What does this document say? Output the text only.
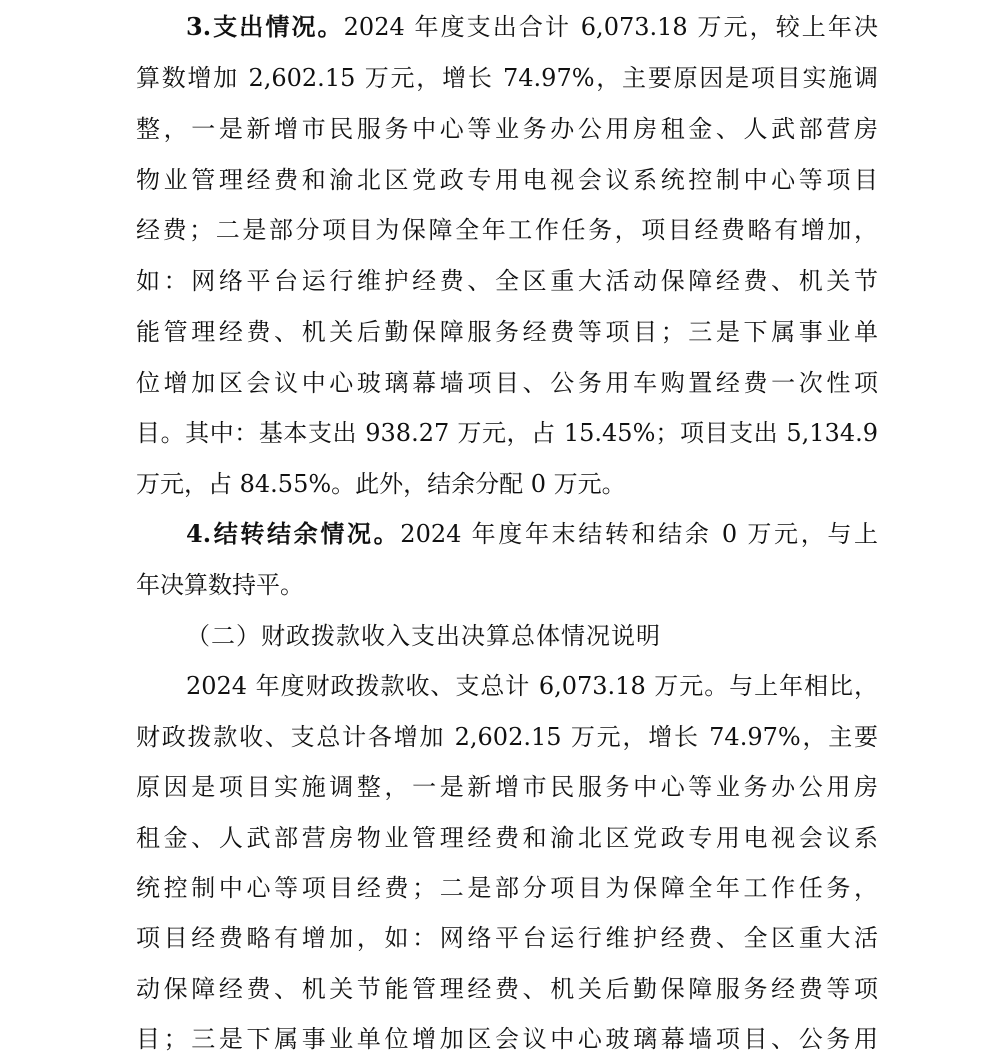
3.支出情况。2024 年度支出合计 6,073.18 万元，较上年决
算数增加 2,602.15 万元，增长 74.97%，主要原因是项目实施调
整，一是新增市民服务中心等业务办公用房租金、人武部营房
物业管理经费和渝北区党政专用电视会议系统控制中心等项目
经费；二是部分项目为保障全年工作任务，项目经费略有增加，
如：网络平台运行维护经费、全区重大活动保障经费、机关节
能管理经费、机关后勤保障服务经费等项目；三是下属事业单
位增加区会议中心玻璃幕墙项目、公务用车购置经费一次性项
目。其中：基本支出 938.27 万元，占 15.45%；项目支出 5,134.9
万元，占 84.55%。此外，结余分配 0 万元。
4.结转结余情况。2024 年度年末结转和结余 0 万元，与上
年决算数持平。
（二）财政拨款收入支出决算总体情况说明
2024 年度财政拨款收、支总计 6,073.18 万元。与上年相比，
财政拨款收、支总计各增加 2,602.15 万元，增长 74.97%，主要
原因是项目实施调整，一是新增市民服务中心等业务办公用房
租金、人武部营房物业管理经费和渝北区党政专用电视会议系
统控制中心等项目经费；二是部分项目为保障全年工作任务，
项目经费略有增加，如：网络平台运行维护经费、全区重大活
动保障经费、机关节能管理经费、机关后勤保障服务经费等项
目；三是下属事业单位增加区会议中心玻璃幕墙项目、公务用
